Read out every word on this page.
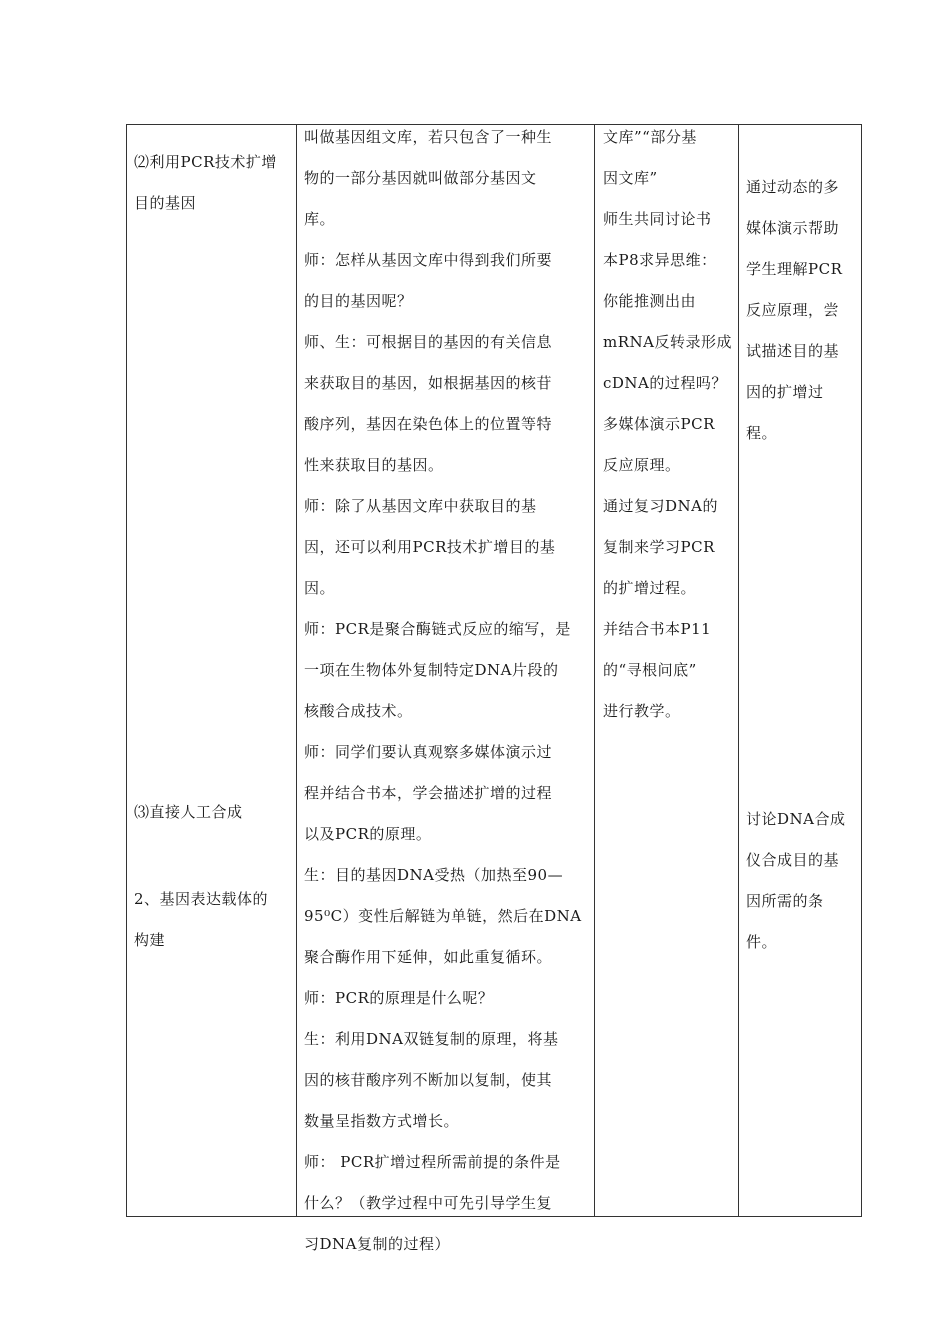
⑵利用PCR技术扩增

目的基因

⑶直接人工合成

2、基因表达载体的

构建

叫做基因组文库，若只包含了一种生

物的一部分基因就叫做部分基因文

库。

师：怎样从基因文库中得到我们所要

的目的基因呢？

师、生：可根据目的基因的有关信息

来获取目的基因，如根据基因的核苷

酸序列，基因在染色体上的位置等特

性来获取目的基因。

师：除了从基因文库中获取目的基

因，还可以利用PCR技术扩增目的基

因。

师：PCR是聚合酶链式反应的缩写，是

一项在生物体外复制特定DNA片段的

核酸合成技术。

师：同学们要认真观察多媒体演示过

程并结合书本，学会描述扩增的过程

以及PCR的原理。

生：目的基因DNA受热（加热至90—

95⁰C）变性后解链为单链，然后在DNA

聚合酶作用下延伸，如此重复循环。

师：PCR的原理是什么呢？

生：利用DNA双链复制的原理，将基

因的核苷酸序列不断加以复制，使其

数量呈指数方式增长。

师： PCR扩增过程所需前提的条件是

什么？（教学过程中可先引导学生复

习DNA复制的过程）

文库”“部分基

因文库”

师生共同讨论书

本P8求异思维：

你能推测出由

mRNA反转录形成

cDNA的过程吗？

多媒体演示PCR

反应原理。

通过复习DNA的

复制来学习PCR

的扩增过程。

并结合书本P11

的“寻根问底”

进行教学。

通过动态的多

媒体演示帮助

学生理解PCR

反应原理，尝

试描述目的基

因的扩增过

程。

讨论DNA合成

仪合成目的基

因所需的条

件。
